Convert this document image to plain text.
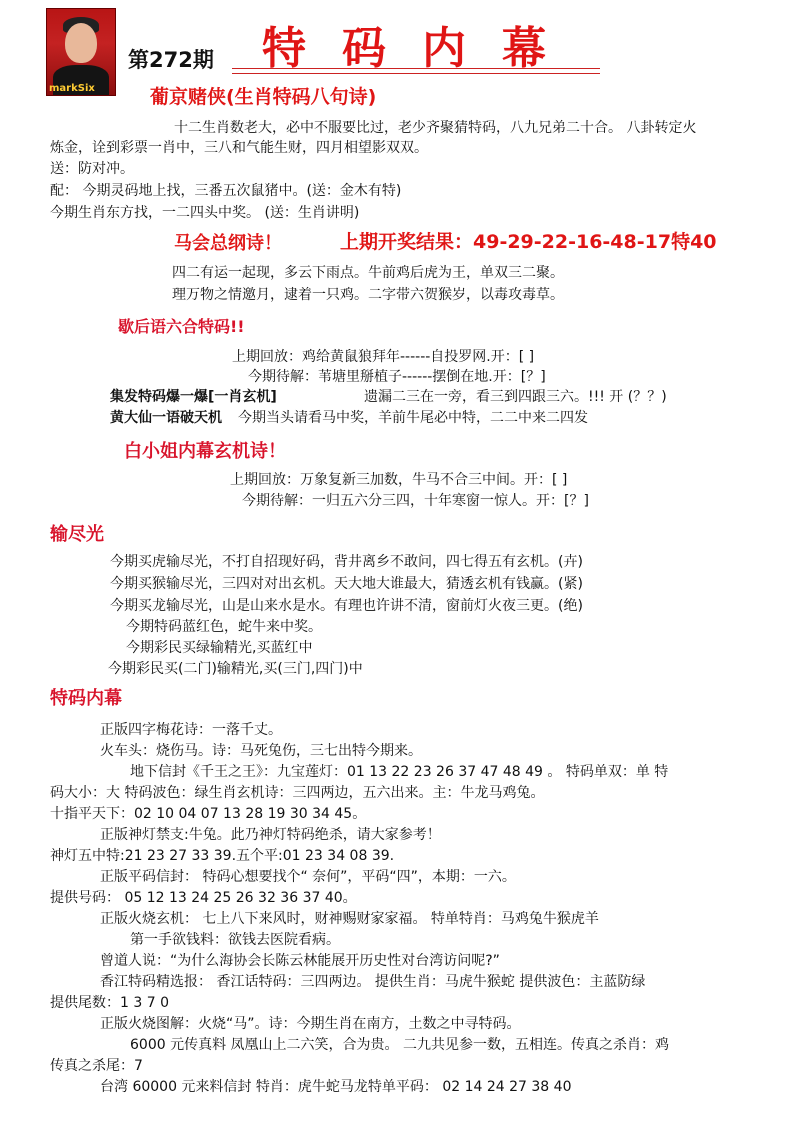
markSix
第272期 特码内幕
葡京赌侠(生肖特码八句诗)
十二生肖数老大，必中不服要比过，老少齐聚猜特码，八九兄弟二十合。 八卦转定火
炼金，诠到彩票一肖中，三八和气能生财，四月相望影双双。
送：防对冲。
配： 今期灵码地上找，三番五次鼠猪中。(送：金木有特)
今期生肖东方找，一二四头中奖。 (送：生肖讲明)
马会总纲诗！	上期开奖结果：49-29-22-16-48-17特40
四二有运一起现，多云下雨点。牛前鸡后虎为王，单双三二聚。
理万物之情邀月，逮着一只鸡。二字带六贺猴岁，以毒攻毒草。
歇后语六合特码!!
上期回放：鸡给黄鼠狼拜年------自投罗网.开：[ ]
今期待解：苇塘里掰植子------摆倒在地.开：[？]
集发特码爆一爆[一肖玄机]	遗漏二三在一旁，看三到四跟三六。!!! 开 (？？)
黄大仙一语破天机 今期当头请看马中奖，羊前牛尾必中特，二二中来二四发
白小姐内幕玄机诗！
上期回放：万象复新三加数，牛马不合三中间。开：[ ]
今期待解：一归五六分三四，十年寒窗一惊人。开：[？]
输尽光
今期买虎输尽光，不打自招现好码，背井离乡不敢问，四七得五有玄机。(卉)
今期买猴输尽光，三四对对出玄机。天大地大谁最大，猜透玄机有钱赢。(紧)
今期买龙输尽光，山是山来水是水。有理也许讲不清，窗前灯火夜三更。(绝)
今期特码蓝红色，蛇牛来中奖。
今期彩民买绿输精光,买蓝红中
今期彩民买(二门)输精光,买(三门,四门)中
特码内幕
正版四字梅花诗：一落千丈。
火车头：烧伤马。诗：马死兔伤，三七出特今期来。
地下信封《千王之王》：九宝莲灯：01 13 22 23 26 37 47 48 49 。 特码单双：单 特
码大小：大 特码波色：绿生肖玄机诗：三四两边，五六出来。主：牛龙马鸡兔。
十指平天下：02 10 04 07 13 28 19 30 34 45。
正版神灯禁支:牛兔。此乃神灯特码绝杀，请大家参考！
神灯五中特:21 23 27 33 39.五个平:01 23 34 08 39.
正版平码信封： 特码心想要找个“ 奈何”，平码“四”，本期：一六。
提供号码： 05 12 13 24 25 26 32 36 37 40。
正版火烧玄机： 七上八下来风时，财神赐财家家福。 特单特肖：马鸡兔牛猴虎羊
第一手欲钱料：欲钱去医院看病。
曾道人说：“为什么海协会长陈云林能展开历史性对台湾访问呢?”
香江特码精选报： 香江话特码：三四两边。 提供生肖：马虎牛猴蛇 提供波色：主蓝防绿
提供尾数：1 3 7 0
正版火烧图解：火烧“马”。诗：今期生肖在南方，土数之中寻特码。
6000 元传真料 凤凰山上二六笑，合为贵。 二九共见参一数，五相连。传真之杀肖：鸡
传真之杀尾：7
台湾 60000 元来料信封 特肖：虎牛蛇马龙特单平码： 02 14 24 27 38 40
